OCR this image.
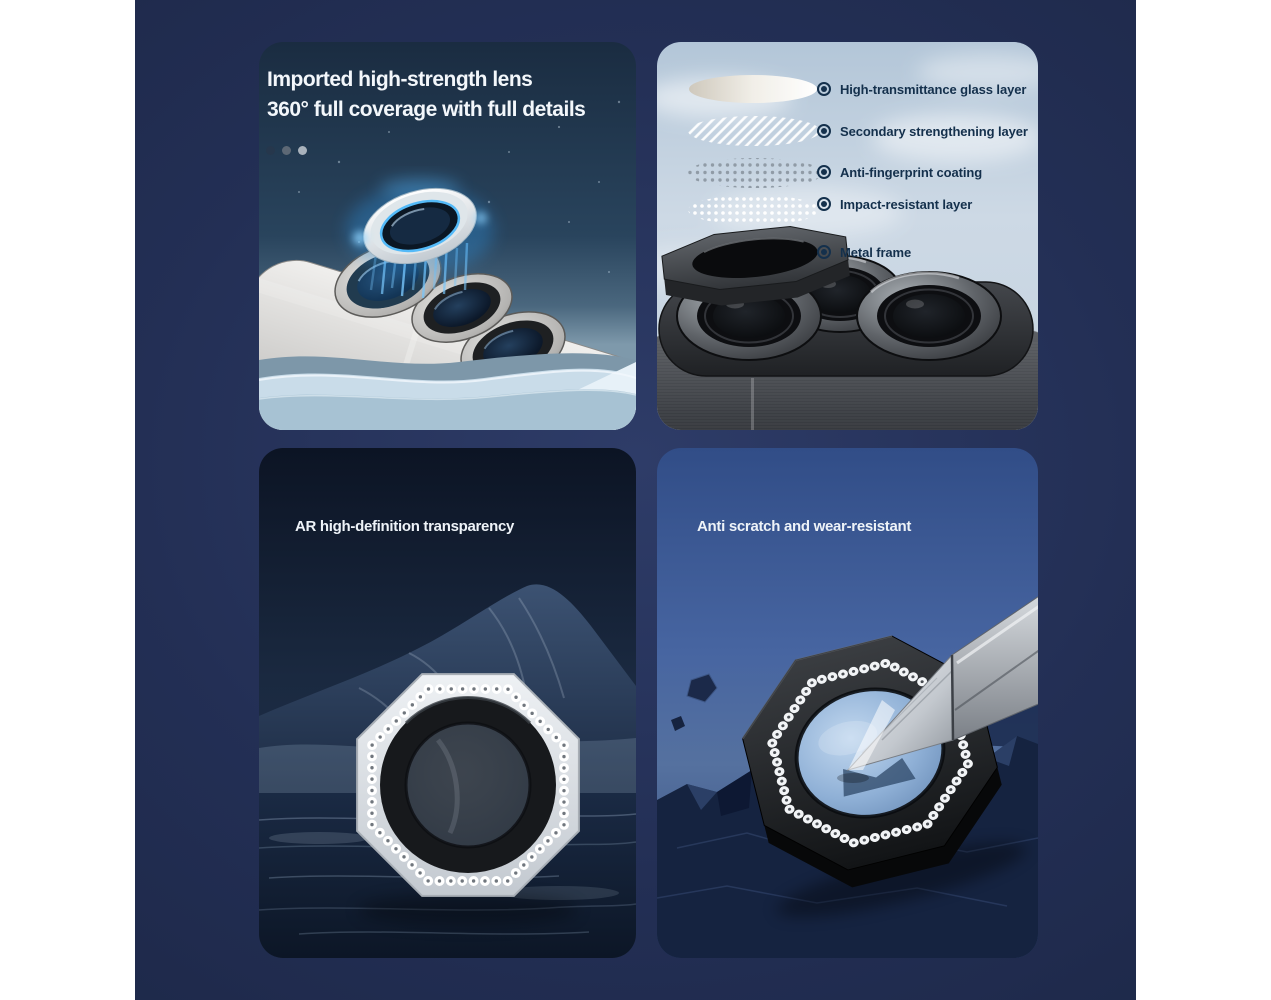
Imported high-strength lens
360° full coverage with full details
High-transmittance glass layer
Secondary strengthening layer
Anti-fingerprint coating
Impact-resistant layer
Metal frame
AR high-definition transparency	Anti scratch and wear-resistant
